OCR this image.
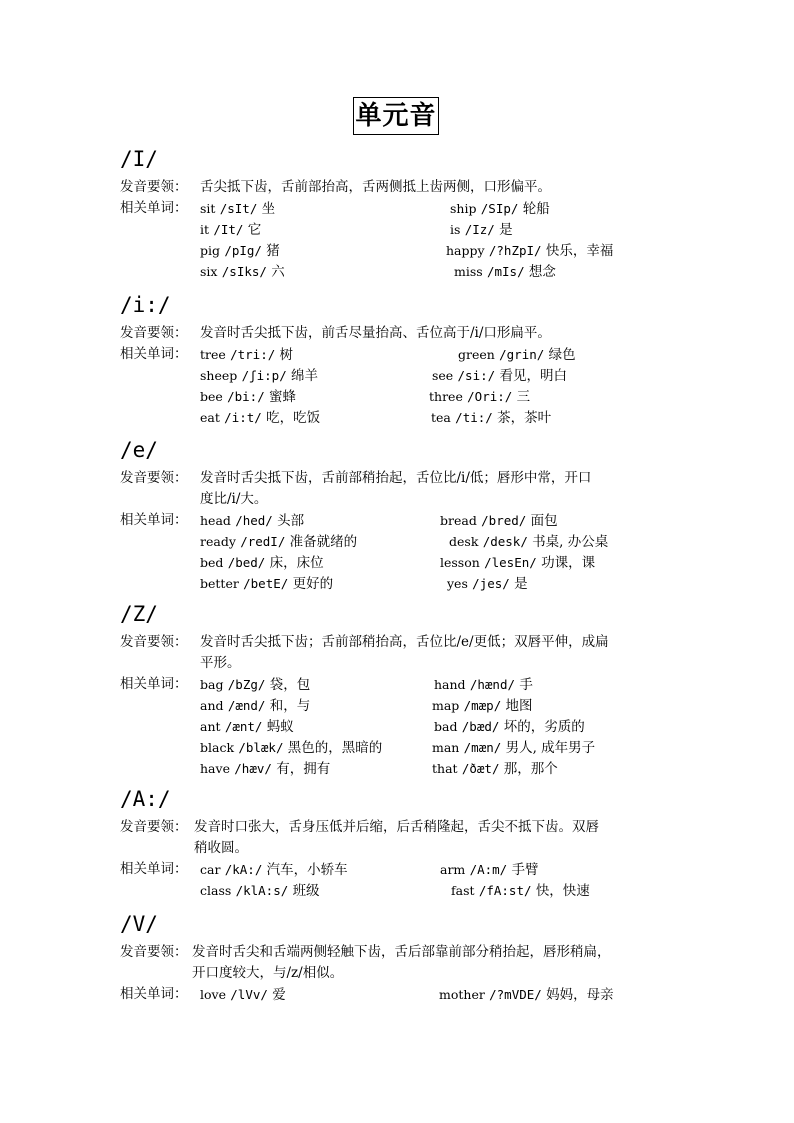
单元音
/I/
发音要领： 舌尖抵下齿，舌前部抬高，舌两侧抵上齿两侧，口形偏平。
相关单词： sit /sIt/ 坐	ship /SIp/ 轮船
it /It/ 它	is /Iz/ 是
pig /pIg/ 猪	happy /?hZpI/ 快乐，幸福
six /sIks/ 六	miss /mIs/ 想念
/i:/
发音要领： 发音时舌尖抵下齿，前舌尽量抬高、舌位高于/i/口形扁平。
相关单词： tree /tri:/ 树	green /grin/ 绿色
sheep /ʃi:p/ 绵羊	see /si:/ 看见，明白
bee /bi:/ 蜜蜂	three /Ori:/ 三
eat /i:t/ 吃，吃饭	tea /ti:/ 茶，茶叶
/e/
发音要领： 发音时舌尖抵下齿，舌前部稍抬起，舌位比/i/低；唇形中常，开口
度比/i/大。
相关单词： head /hed/ 头部	bread /bred/ 面包
ready /redI/ 准备就绪的	desk /desk/ 书桌, 办公桌
bed /bed/ 床，床位	lesson /lesEn/ 功课，课
better /betE/ 更好的	yes /jes/ 是
/Z/
发音要领： 发音时舌尖抵下齿；舌前部稍抬高，舌位比/e/更低；双唇平伸，成扁
平形。
相关单词： bag /bZg/ 袋，包	hand /hænd/ 手
and /ænd/ 和，与	map /mæp/ 地图
ant /ænt/ 蚂蚁	bad /bæd/ 坏的，劣质的
black /blæk/ 黑色的，黑暗的	man /mæn/ 男人, 成年男子
have /hæv/ 有，拥有	that /ðæt/ 那，那个
/A:/
发音要领： 发音时口张大，舌身压低并后缩，后舌稍隆起，舌尖不抵下齿。双唇
稍收圆。
相关单词： car /kA:/ 汽车，小轿车	arm /A:m/ 手臂
class /klA:s/ 班级	fast /fA:st/ 快，快速
/V/
发音要领： 发音时舌尖和舌端两侧轻触下齿，舌后部靠前部分稍抬起，唇形稍扁，
开口度较大，与/z/相似。
相关单词： love /lVv/ 爱	mother /?mVDE/ 妈妈，母亲
